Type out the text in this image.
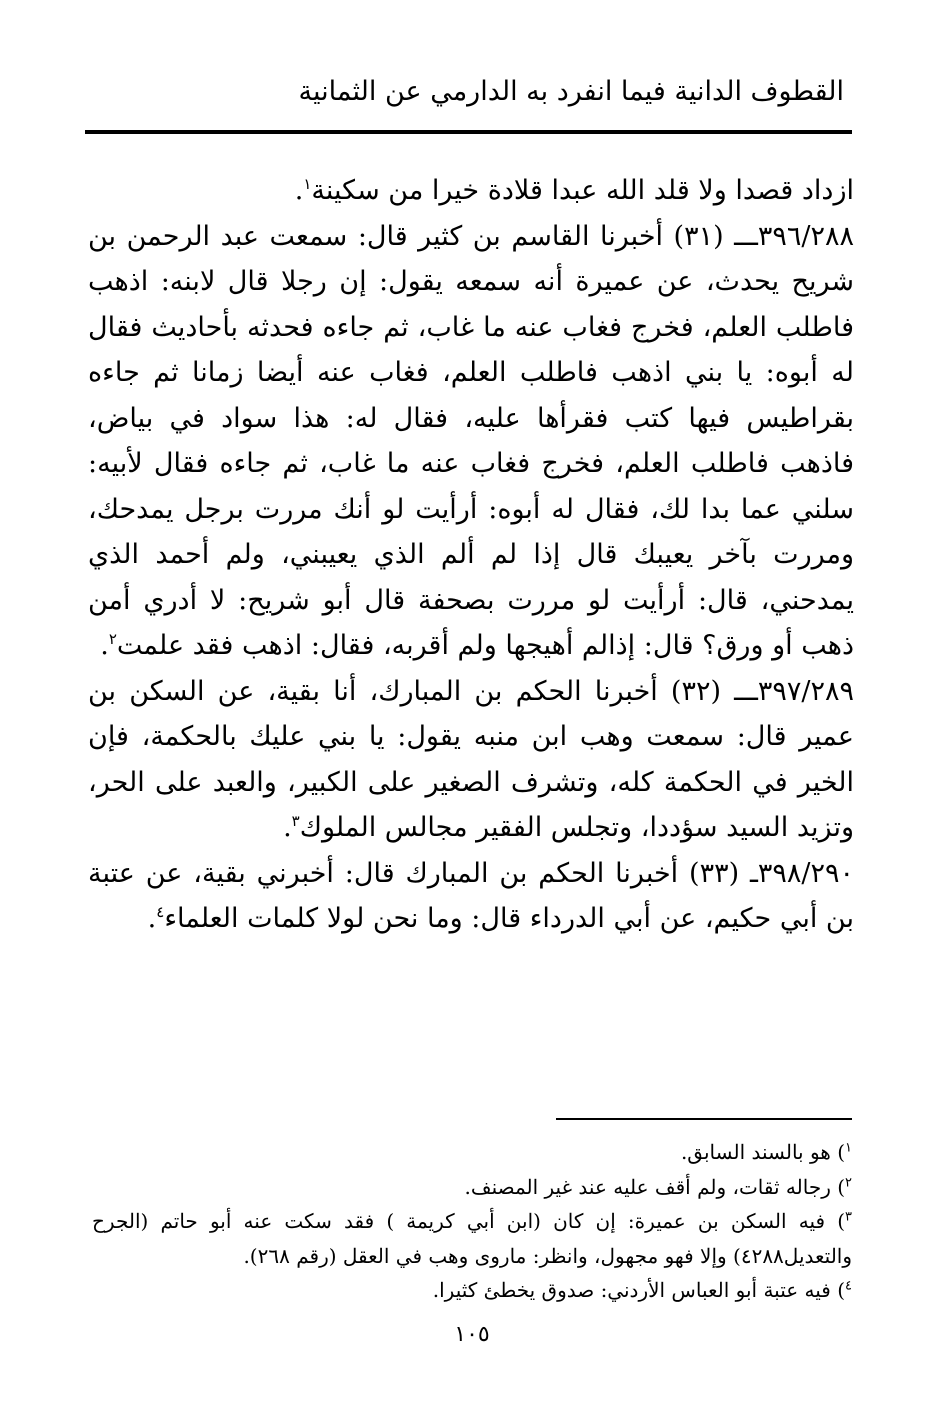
القطوف الدانية فيما انفرد به الدارمي عن الثمانية

ازداد قصدا ولا قلد الله عبدا قلادة خيرا من سكينة$^١$.

٣٩٦/٢٨٨ـــ (٣١) أخبرنا القاسم بن كثير قال: سمعت عبد الرحمن بن شريح يحدث، عن عميرة أنه سمعه يقول: إن رجلا قال لابنه: اذهب فاطلب العلم، فخرج فغاب عنه ما غاب، ثم جاءه فحدثه بأحاديث فقال له أبوه: يا بني اذهب فاطلب العلم، فغاب عنه أيضا زمانا ثم جاءه بقراطيس فيها كتب فقرأها عليه، فقال له: هذا سواد في بياض، فاذهب فاطلب العلم، فخرج فغاب عنه ما غاب، ثم جاءه فقال لأبيه: سلني عما بدا لك، فقال له أبوه: أرأيت لو أنك مررت برجل يمدحك، ومررت بآخر يعيبك قال إذا لم ألم الذي يعيبني، ولم أحمد الذي يمدحني، قال: أرأيت لو مررت بصحفة قال أبو شريح: لا أدري أمن ذهب أو ورق؟ قال: إذالم أهيجها ولم أقربه، فقال: اذهب فقد علمت$^٢$.

٣٩٧/٢٨٩ـــ (٣٢) أخبرنا الحكم بن المبارك، أنا بقية، عن السكن بن عمير قال: سمعت وهب ابن منبه يقول: يا بني عليك بالحكمة، فإن الخير في الحكمة كله، وتشرف الصغير على الكبير، والعبد على الحر، وتزيد السيد سؤددا، وتجلس الفقير مجالس الملوك$^٣$.

٣٩٨/٢٩٠ـ (٣٣) أخبرنا الحكم بن المبارك قال: أخبرني بقية، عن عتبة بن أبي حكيم، عن أبي الدرداء قال: وما نحن لولا كلمات العلماء$^٤$.

$^١$) هو بالسند السابق.

$^٢$) رجاله ثقات، ولم أقف عليه عند غير المصنف.

$^٣$) فيه السكن بن عميرة: إن كان (ابن أبي كريمة ) فقد سكت عنه أبو حاتم (الجرح والتعديل٤٢٨٨) وإلا فهو مجهول، وانظر: ماروى وهب في العقل (رقم ٢٦٨).

$^٤$) فيه عتبة أبو العباس الأردني: صدوق يخطئ كثيرا.

١٠٥
